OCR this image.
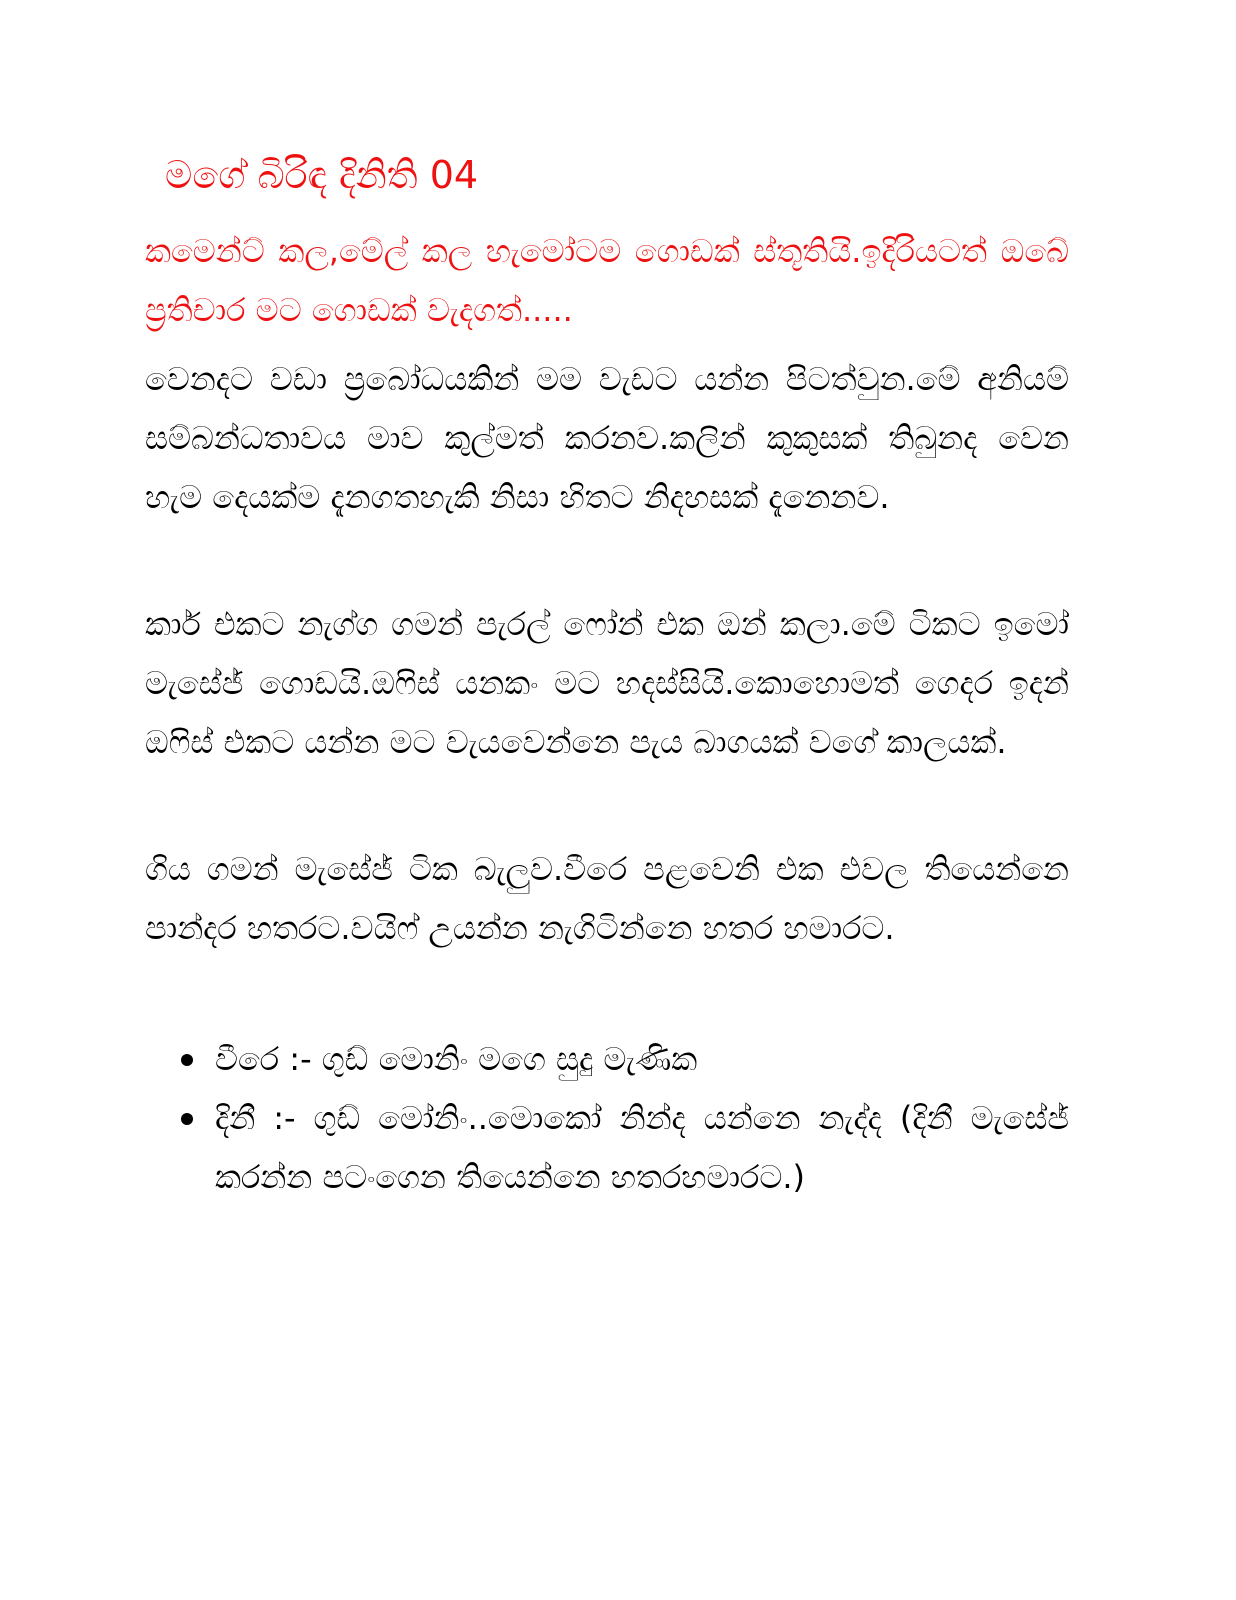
මගේ බිරිඳ දිනිති 04
කමෙන්ට් කල,මේල් කල හැමෝටම ගොඩක් ස්තූතියි.ඉදිරියටත් ඔබේ ප්‍රතිචාර මට ගොඩක් වැදගත්.....
වෙනදට වඩා ප්‍රබෝධයකින් මම වැඩට යන්න පිටත්වුන.මේ අනියම් සම්බන්ධතාවය මාව කුල්මත් කරනව.කලින් කුකුසක් තිබුනද වෙන හැම දෙයක්ම දැනගතහැකි නිසා හිතට නිදහසක් දැනෙනව.
කාර් එකට නැග්ග ගමන් පැරල් ෆෝන් එක ඔන් කලා.මේ ටිකට ඉමෝ මැසේජ් ගොඩයි.ඔෆිස් යනකං මට හදස්සියි.කොහොමත් ගෙදර ඉදන් ඔෆිස් එකට යන්න මට වැයවෙන්නෙ පැය බාගයක් වගේ කාලයක්.
ගිය ගමන් මැසේජ් ටික බැලුව.වීරෙ පළවෙනි එක එවල තියෙන්නෙ පාන්දර හතරට.වයිෆ් උයන්න නැගිටින්නෙ හතර හමාරට.
වීරෙ :- ගුඩ් මොනිං මගෙ සුදු මැණික
දිනී :- ගුඩ් මෝනිං..මොකෝ නින්ද යන්නෙ නැද්ද (දිනී මැසේජ් කරන්න පටංගෙන තියෙන්නෙ හතරහමාරට.)
